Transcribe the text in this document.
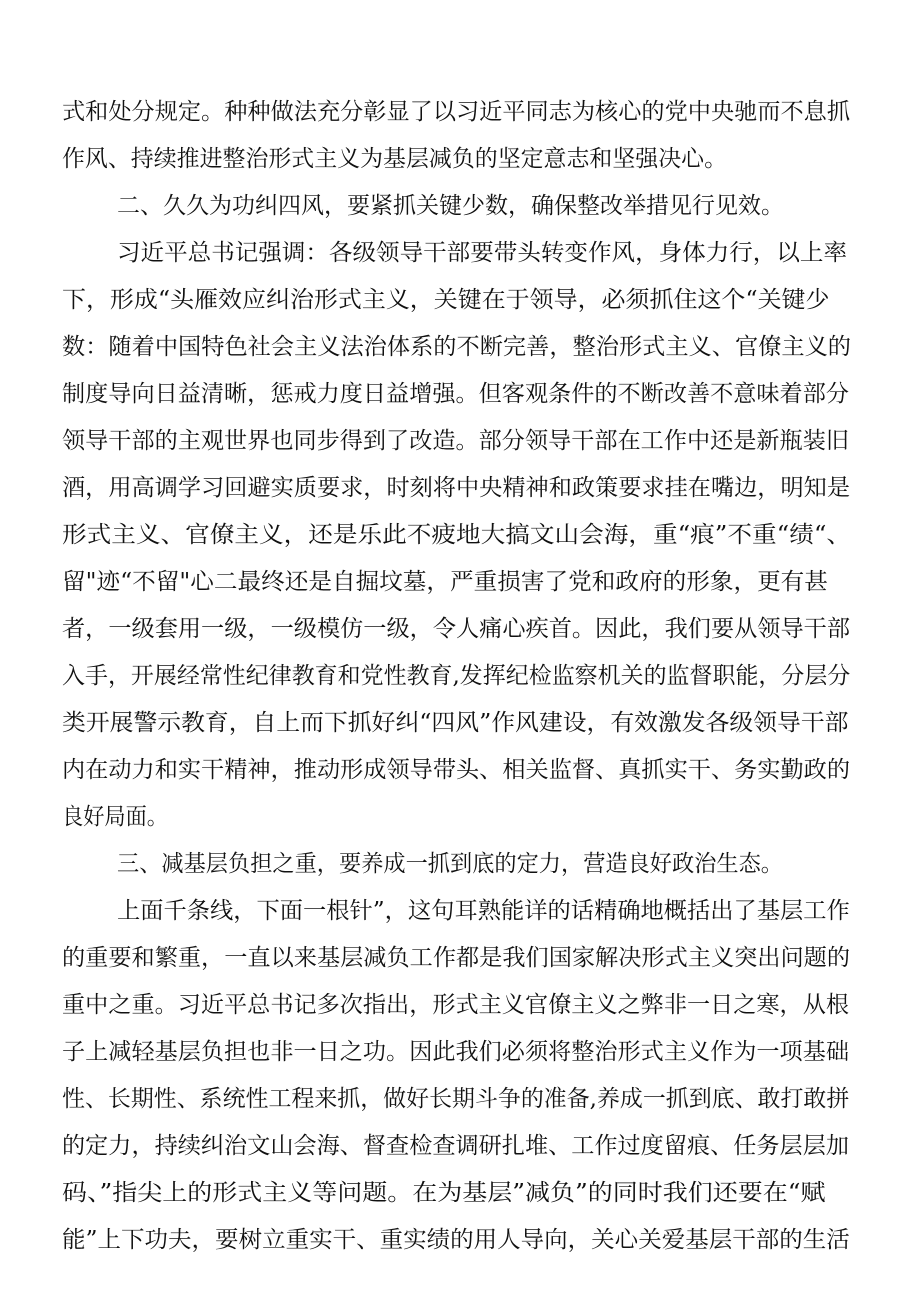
式和处分规定。种种做法充分彰显了以习近平同志为核心的党中央驰而不息抓
作风、持续推进整治形式主义为基层减负的坚定意志和坚强决心。
二、久久为功纠四风，要紧抓关键少数，确保整改举措见行见效。
习近平总书记强调：各级领导干部要带头转变作风，身体力行，以上率
下，形成“头雁效应纠治形式主义，关键在于领导，必须抓住这个“关键少
数：随着中国特色社会主义法治体系的不断完善，整治形式主义、官僚主义的
制度导向日益清晰，惩戒力度日益增强。但客观条件的不断改善不意味着部分
领导干部的主观世界也同步得到了改造。部分领导干部在工作中还是新瓶装旧
酒，用高调学习回避实质要求，时刻将中央精神和政策要求挂在嘴边，明知是
形式主义、官僚主义，还是乐此不疲地大搞文山会海，重“痕”不重“绩“、
留"迹“不留"心二最终还是自掘坟墓，严重损害了党和政府的形象，更有甚
者，一级套用一级，一级模仿一级，令人痛心疾首。因此，我们要从领导干部
入手，开展经常性纪律教育和党性教育,发挥纪检监察机关的监督职能，分层分
类开展警示教育，自上而下抓好纠“四风”作风建设，有效激发各级领导干部
内在动力和实干精神，推动形成领导带头、相关监督、真抓实干、务实勤政的
良好局面。
三、减基层负担之重，要养成一抓到底的定力，营造良好政治生态。
上面千条线，下面一根针”，这句耳熟能详的话精确地概括出了基层工作
的重要和繁重，一直以来基层减负工作都是我们国家解决形式主义突出问题的
重中之重。习近平总书记多次指出，形式主义官僚主义之弊非一日之寒，从根
子上减轻基层负担也非一日之功。因此我们必须将整治形式主义作为一项基础
性、长期性、系统性工程来抓，做好长期斗争的准备,养成一抓到底、敢打敢拼
的定力，持续纠治文山会海、督查检查调研扎堆、工作过度留痕、任务层层加
码、”指尖上的形式主义等问题。在为基层”减负”的同时我们还要在“赋
能”上下功夫，要树立重实干、重实绩的用人导向，关心关爱基层干部的生活
